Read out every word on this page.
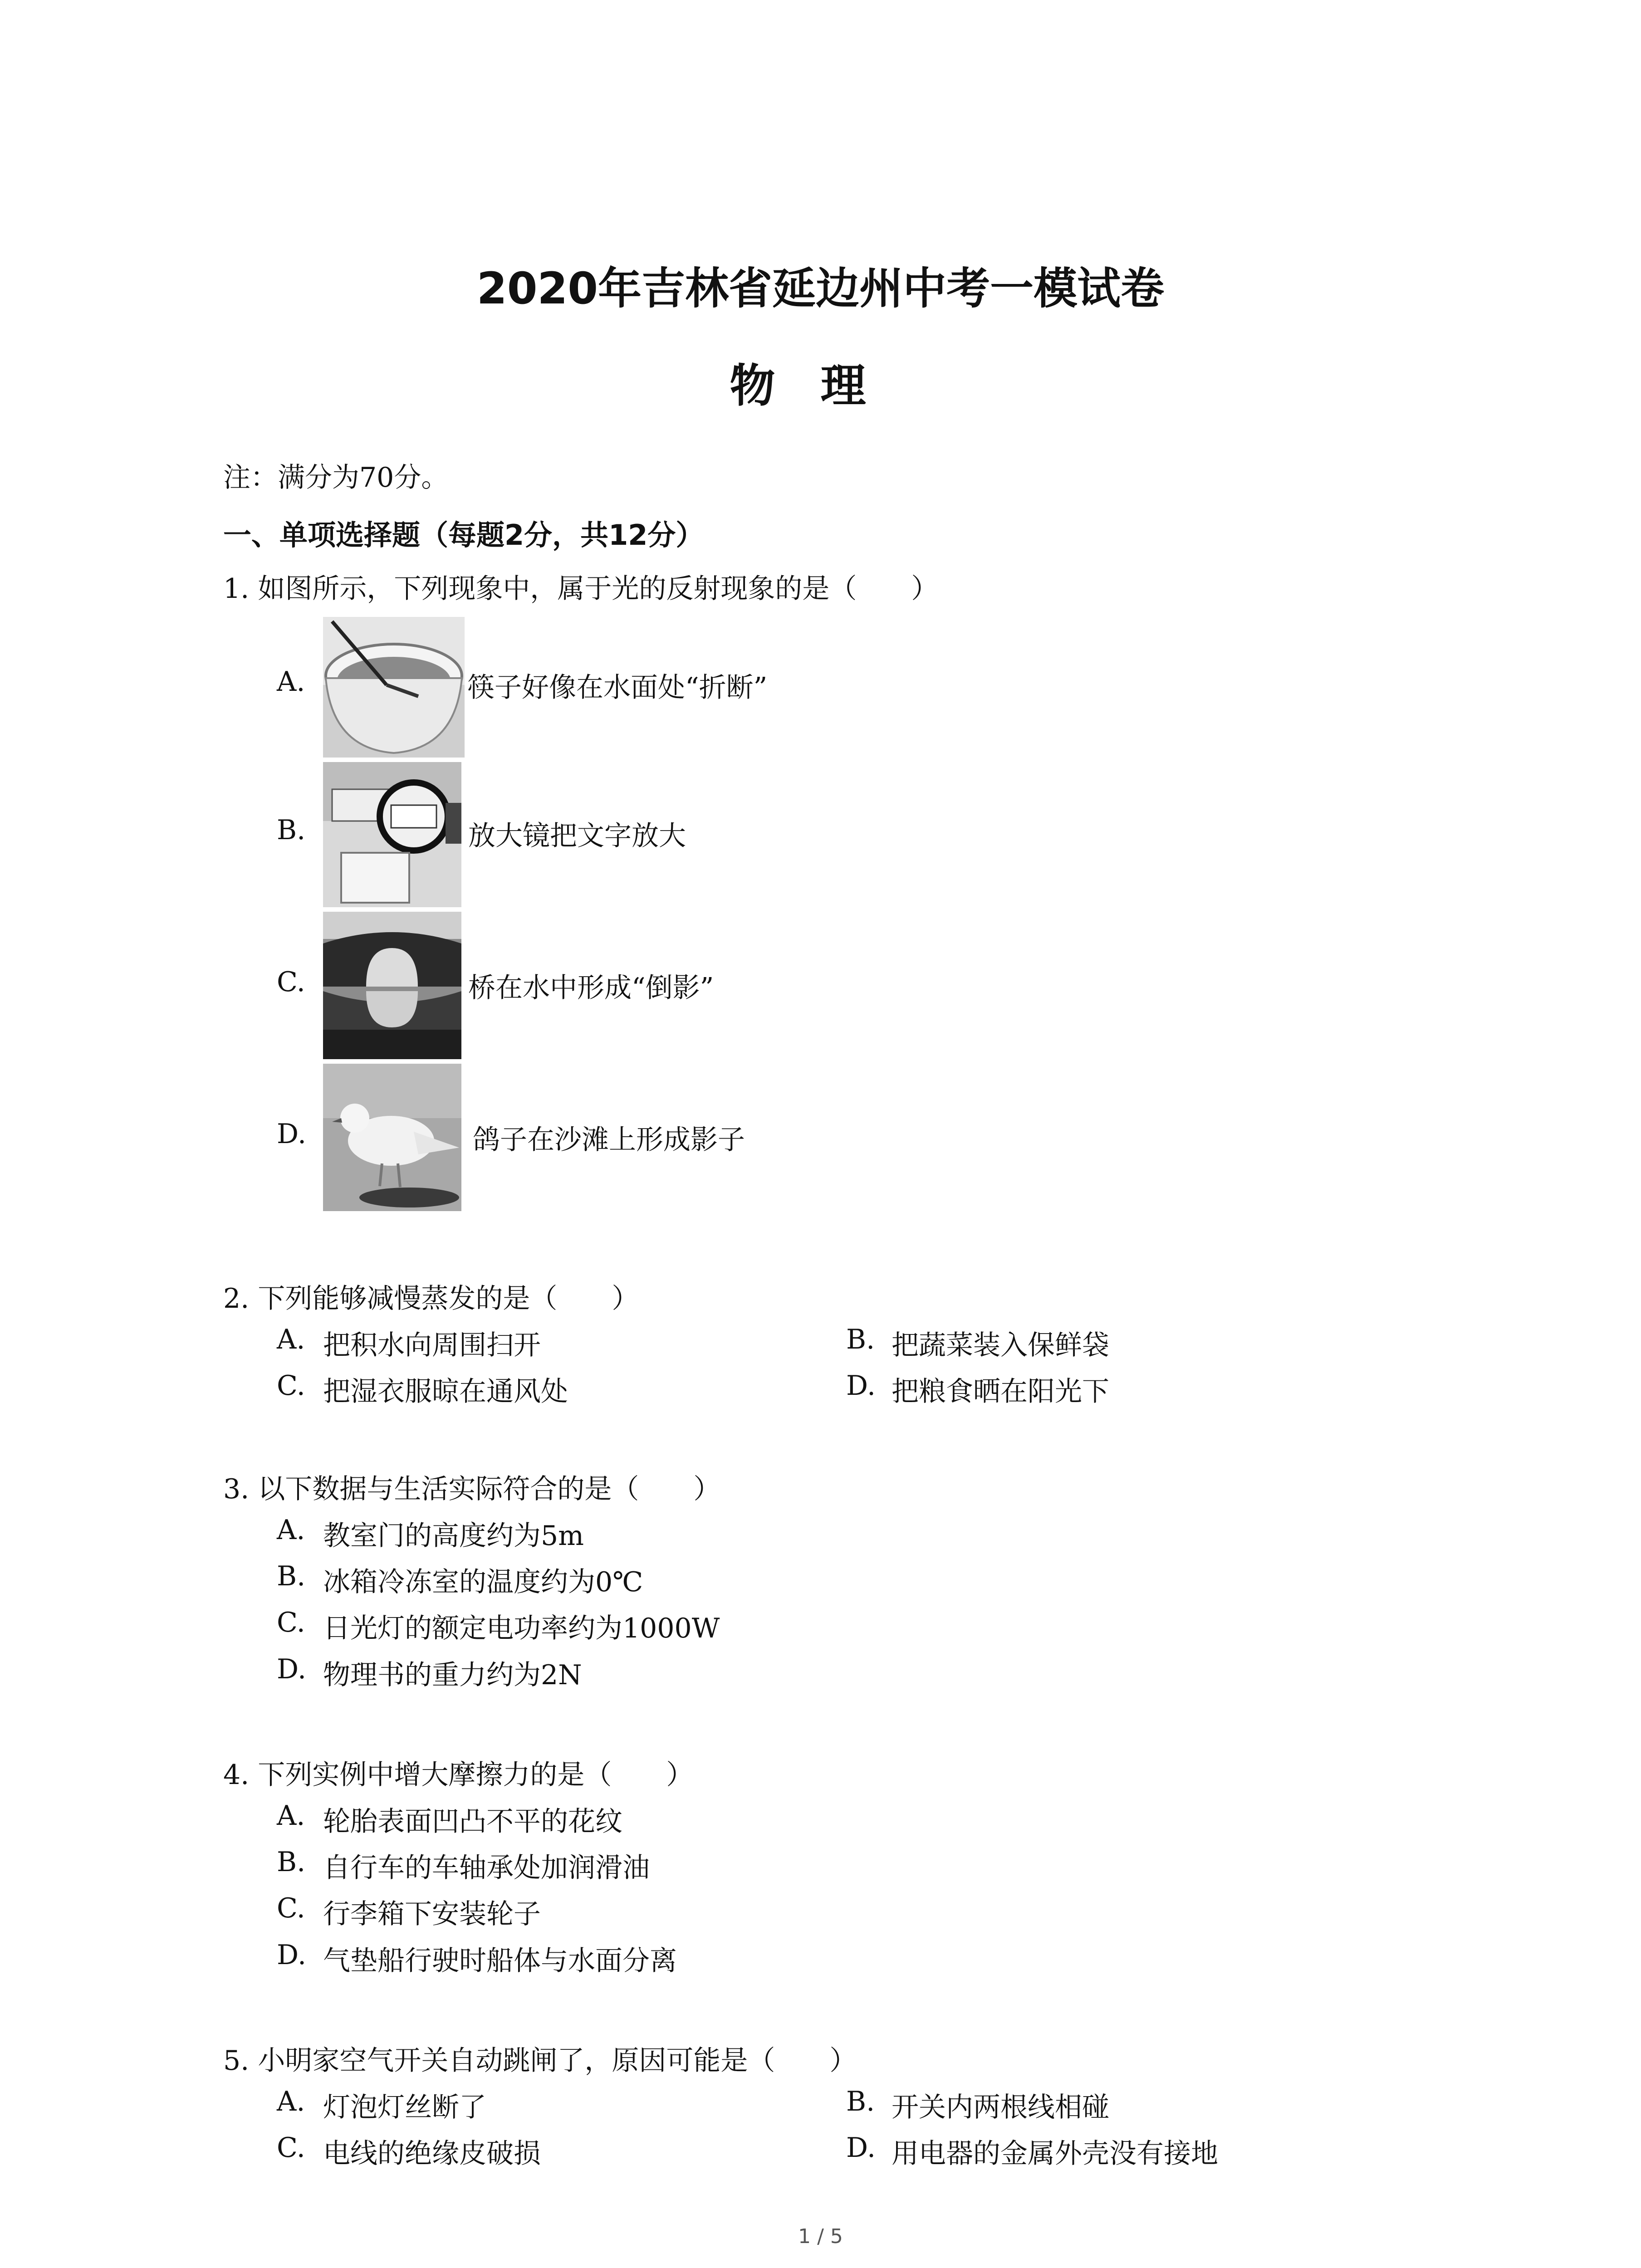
2020年吉林省延边州中考一模试卷
物理
注：满分为70分。
一、单项选择题（每题2分，共12分）
1. 如图所示，下列现象中，属于光的反射现象的是（　　）
A.	筷子好像在水面处“折断”
B.	放大镜把文字放大
C.	桥在水中形成“倒影”
D.	鸽子在沙滩上形成影子
2. 下列能够减慢蒸发的是（　　）
A. 把积水向周围扫开	B. 把蔬菜装入保鲜袋
C. 把湿衣服晾在通风处	D. 把粮食晒在阳光下
3. 以下数据与生活实际符合的是（　　）
A. 教室门的高度约为5m
B. 冰箱冷冻室的温度约为0℃
C. 日光灯的额定电功率约为1000W
D. 物理书的重力约为2N
4. 下列实例中增大摩擦力的是（　　）
A. 轮胎表面凹凸不平的花纹
B. 自行车的车轴承处加润滑油
C. 行李箱下安装轮子
D. 气垫船行驶时船体与水面分离
5. 小明家空气开关自动跳闸了，原因可能是（　　）
A. 灯泡灯丝断了	B. 开关内两根线相碰
C. 电线的绝缘皮破损	D. 用电器的金属外壳没有接地
1 / 5
